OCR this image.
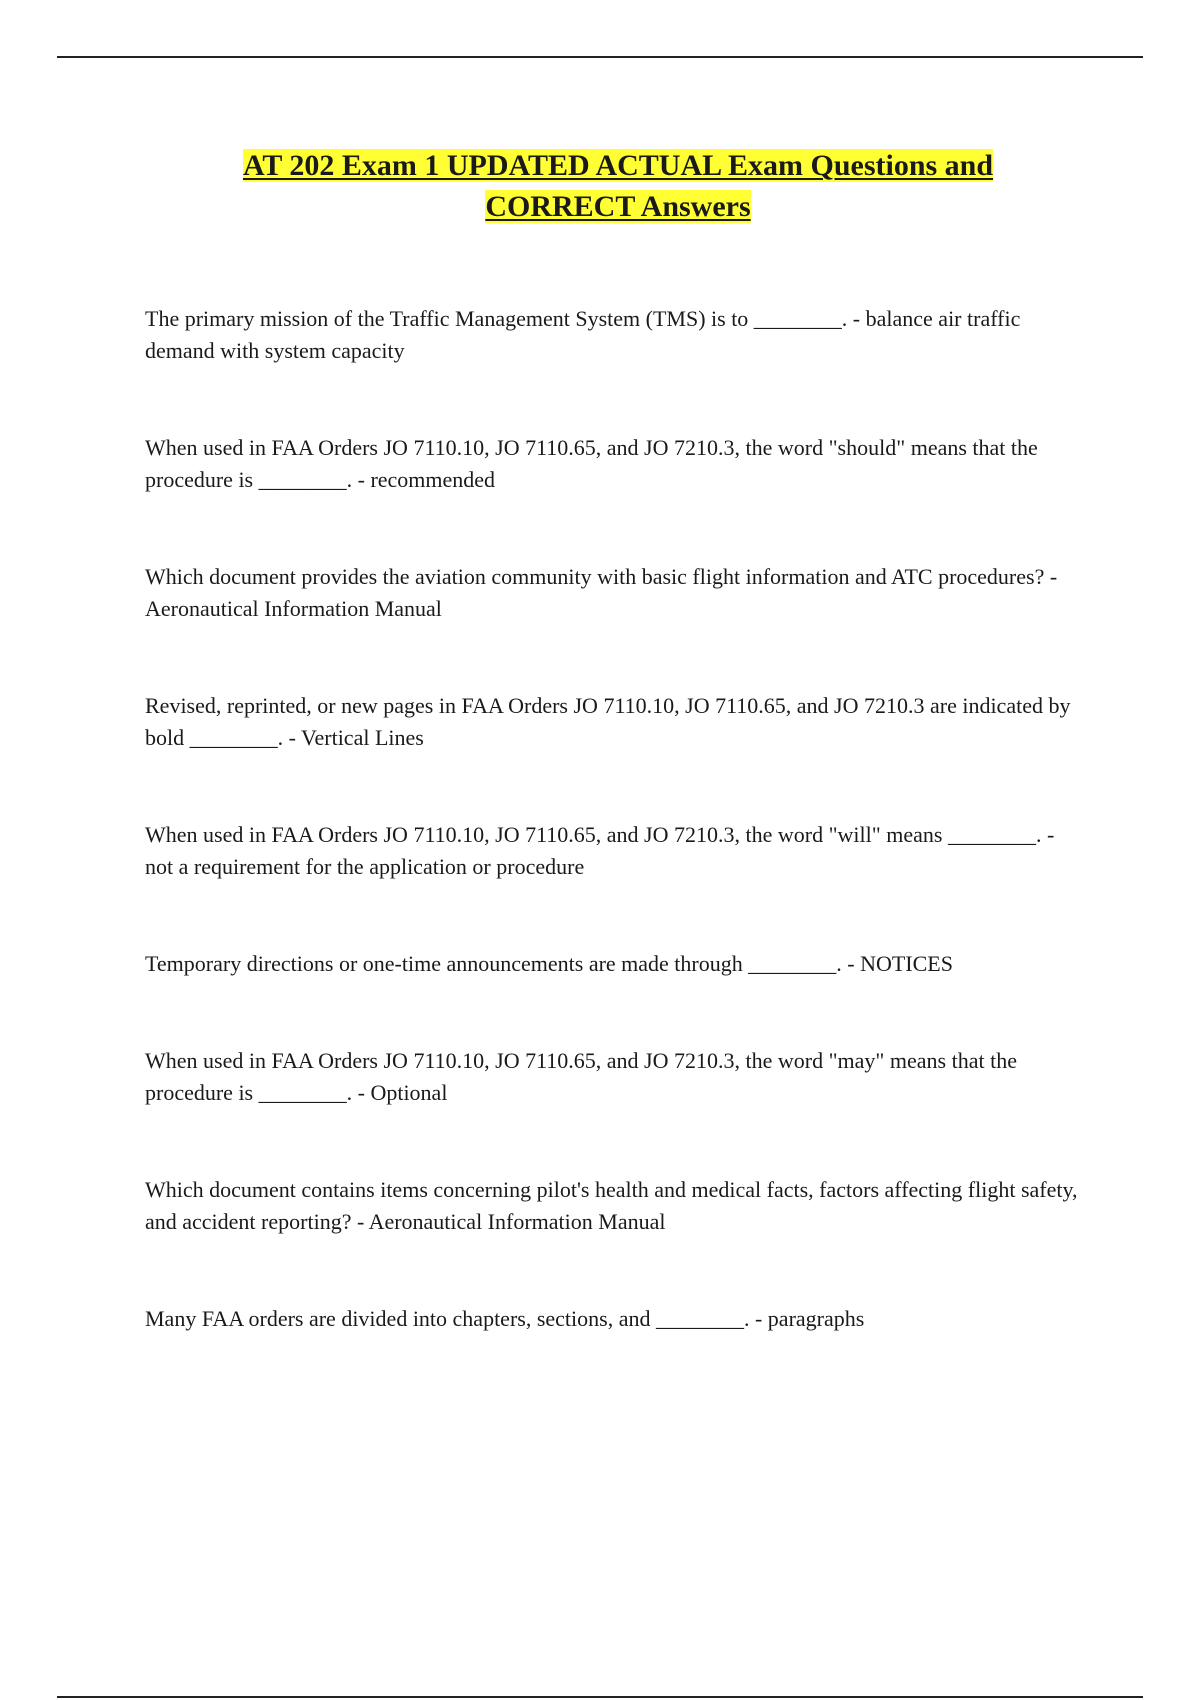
AT 202 Exam 1 UPDATED ACTUAL Exam Questions and
CORRECT Answers

The primary mission of the Traffic Management System (TMS) is to ________. - balance air traffic demand with system capacity

When used in FAA Orders JO 7110.10, JO 7110.65, and JO 7210.3, the word "should" means that the procedure is ________. - recommended

Which document provides the aviation community with basic flight information and ATC procedures? - Aeronautical Information Manual

Revised, reprinted, or new pages in FAA Orders JO 7110.10, JO 7110.65, and JO 7210.3 are indicated by bold ________. - Vertical Lines

When used in FAA Orders JO 7110.10, JO 7110.65, and JO 7210.3, the word "will" means ________. - not a requirement for the application or procedure

Temporary directions or one-time announcements are made through ________. - NOTICES

When used in FAA Orders JO 7110.10, JO 7110.65, and JO 7210.3, the word "may" means that the procedure is ________. - Optional

Which document contains items concerning pilot's health and medical facts, factors affecting flight safety, and accident reporting? - Aeronautical Information Manual

Many FAA orders are divided into chapters, sections, and ________. - paragraphs
